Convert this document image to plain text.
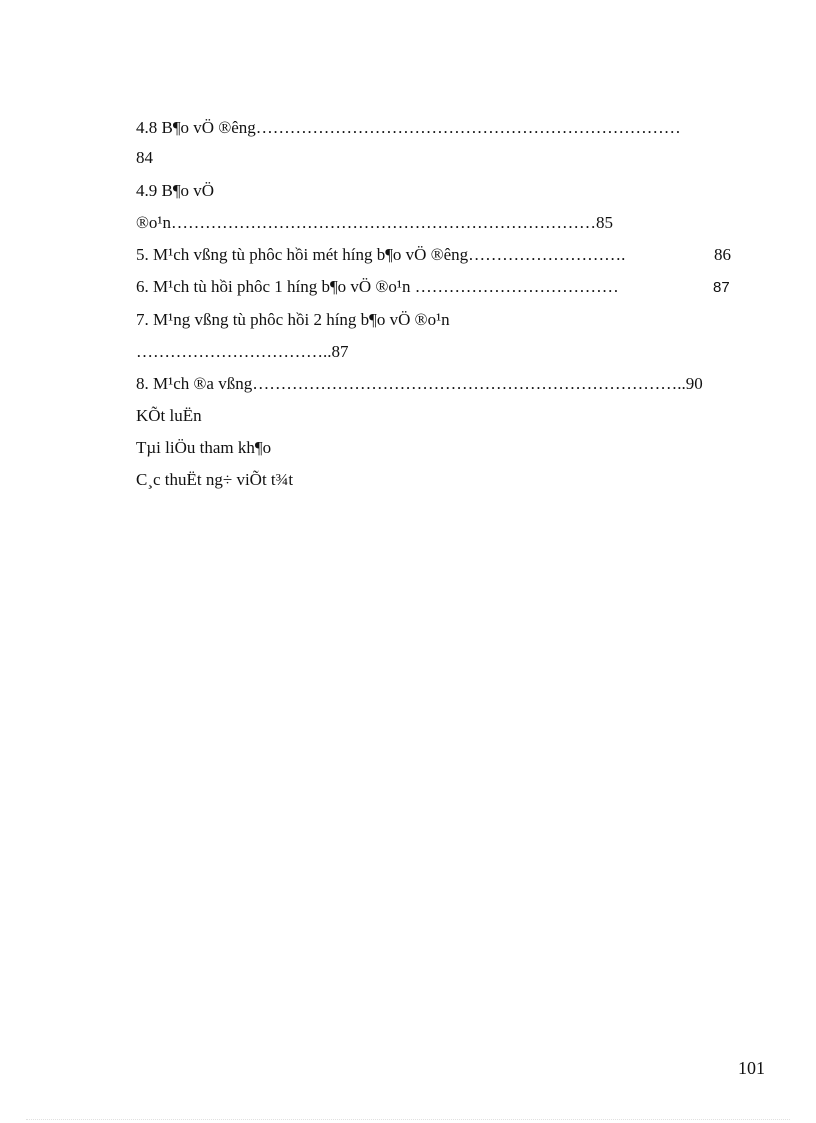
4.8 B¶o vÖ ®êng…………………………………………………………………
84
4.9 B¶o vÖ
®o¹n…………………………………………………………………85
5. M¹ch vßng tù phôc hồi mét híng b¶o vÖ ®êng……………………….	86
6. M¹ch tù hồi phôc 1 híng b¶o vÖ ®o¹n ………………………………	87
7. M¹ng vßng tù phôc hồi 2 híng b¶o vÖ ®o¹n
……………………………..87
8. M¹ch ®a vßng…………………………………………………………………..90
KÕt luËn
Tµi liÖu tham kh¶o
C¸c thuËt ng÷ viÕt t¾t
101
